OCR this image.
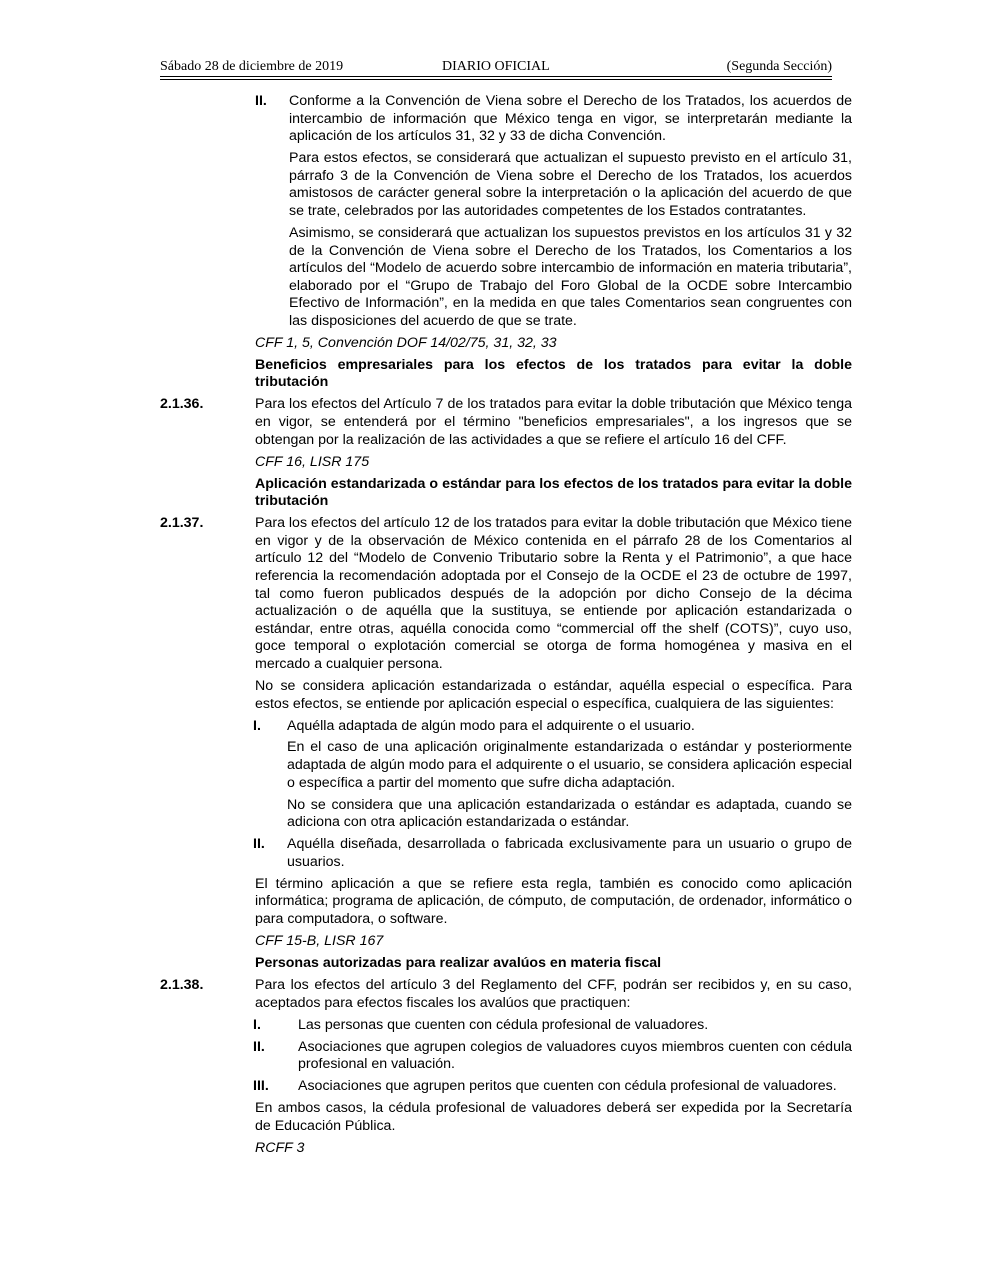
Sábado 28 de diciembre de 2019	DIARIO OFICIAL	(Segunda Sección)
II. Conforme a la Convención de Viena sobre el Derecho de los Tratados, los acuerdos de intercambio de información que México tenga en vigor, se interpretarán mediante la aplicación de los artículos 31, 32 y 33 de dicha Convención.
Para estos efectos, se considerará que actualizan el supuesto previsto en el artículo 31, párrafo 3 de la Convención de Viena sobre el Derecho de los Tratados, los acuerdos amistosos de carácter general sobre la interpretación o la aplicación del acuerdo de que se trate, celebrados por las autoridades competentes de los Estados contratantes.
Asimismo, se considerará que actualizan los supuestos previstos en los artículos 31 y 32 de la Convención de Viena sobre el Derecho de los Tratados, los Comentarios a los artículos del “Modelo de acuerdo sobre intercambio de información en materia tributaria”, elaborado por el “Grupo de Trabajo del Foro Global de la OCDE sobre Intercambio Efectivo de Información”, en la medida en que tales Comentarios sean congruentes con las disposiciones del acuerdo de que se trate.
CFF 1, 5, Convención DOF 14/02/75, 31, 32, 33
Beneficios empresariales para los efectos de los tratados para evitar la doble tributación
2.1.36.	Para los efectos del Artículo 7 de los tratados para evitar la doble tributación que México tenga en vigor, se entenderá por el término "beneficios empresariales", a los ingresos que se obtengan por la realización de las actividades a que se refiere el artículo 16 del CFF.
CFF 16, LISR 175
Aplicación estandarizada o estándar para los efectos de los tratados para evitar la doble tributación
2.1.37.	Para los efectos del artículo 12 de los tratados para evitar la doble tributación que México tiene en vigor y de la observación de México contenida en el párrafo 28 de los Comentarios al artículo 12 del “Modelo de Convenio Tributario sobre la Renta y el Patrimonio”, a que hace referencia la recomendación adoptada por el Consejo de la OCDE el 23 de octubre de 1997, tal como fueron publicados después de la adopción por dicho Consejo de la décima actualización o de aquélla que la sustituya, se entiende por aplicación estandarizada o estándar, entre otras, aquélla conocida como “commercial off the shelf (COTS)”, cuyo uso, goce temporal o explotación comercial se otorga de forma homogénea y masiva en el mercado a cualquier persona.
No se considera aplicación estandarizada o estándar, aquélla especial o específica. Para estos efectos, se entiende por aplicación especial o específica, cualquiera de las siguientes:
I. Aquélla adaptada de algún modo para el adquirente o el usuario.
En el caso de una aplicación originalmente estandarizada o estándar y posteriormente adaptada de algún modo para el adquirente o el usuario, se considera aplicación especial o específica a partir del momento que sufre dicha adaptación.
No se considera que una aplicación estandarizada o estándar es adaptada, cuando se adiciona con otra aplicación estandarizada o estándar.
II. Aquélla diseñada, desarrollada o fabricada exclusivamente para un usuario o grupo de usuarios.
El término aplicación a que se refiere esta regla, también es conocido como aplicación informática; programa de aplicación, de cómputo, de computación, de ordenador, informático o para computadora, o software.
CFF 15-B, LISR 167
Personas autorizadas para realizar avalúos en materia fiscal
2.1.38.	Para los efectos del artículo 3 del Reglamento del CFF, podrán ser recibidos y, en su caso, aceptados para efectos fiscales los avalúos que practiquen:
I.	Las personas que cuenten con cédula profesional de valuadores.
II. Asociaciones que agrupen colegios de valuadores cuyos miembros cuenten con cédula profesional en valuación.
III. Asociaciones que agrupen peritos que cuenten con cédula profesional de valuadores.
En ambos casos, la cédula profesional de valuadores deberá ser expedida por la Secretaría de Educación Pública.
RCFF 3
